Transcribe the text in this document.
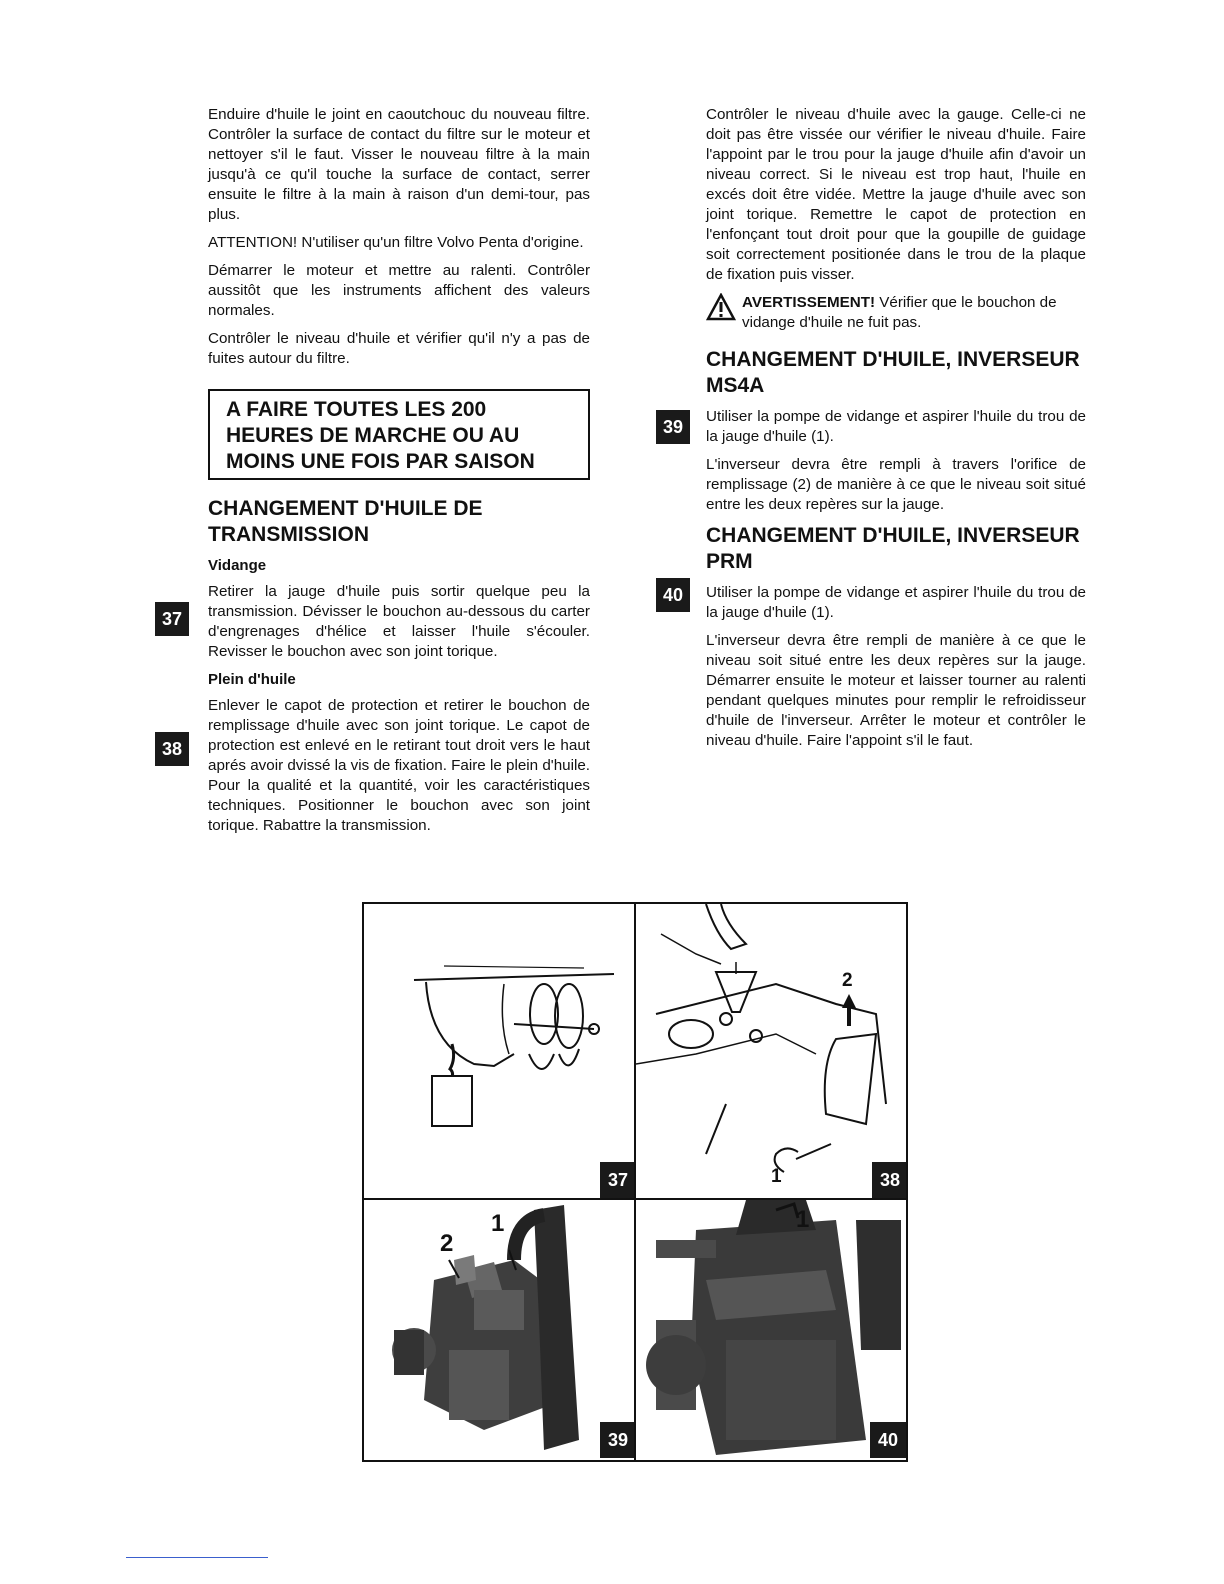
Enduire d'huile le joint en caoutchouc du nouveau filtre. Contrôler la surface de contact du filtre sur le moteur et nettoyer s'il le faut. Visser le nouveau filtre à la main jusqu'à ce qu'il touche la surface de contact, serrer ensuite le filtre à la main à raison d'un demi-tour, pas plus.

ATTENTION! N'utiliser qu'un filtre Volvo Penta d'origine.

Démarrer le moteur et mettre au ralenti. Contrôler aussitôt que les instruments affichent des valeurs normales.

Contrôler le niveau d'huile et vérifier qu'il n'y a pas de fuites autour du filtre.

A FAIRE TOUTES LES 200 HEURES DE MARCHE OU AU MOINS UNE FOIS PAR SAISON
CHANGEMENT D'HUILE DE TRANSMISSION
Vidange

Retirer la jauge d'huile puis sortir quelque peu la transmission. Dévisser le bouchon au-dessous du carter d'engrenages d'hélice et laisser l'huile s'écouler. Revisser le bouchon avec son joint torique.

Plein d'huile

Enlever le capot de protection et retirer le bouchon de remplissage d'huile avec son joint torique. Le capot de protection est enlevé en le retirant tout droit vers le haut aprés avoir dvissé la vis de fixation. Faire le plein d'huile. Pour la qualité et la quantité, voir les caractéristiques techniques. Positionner le bouchon avec son joint torique. Rabattre la transmission.

37
38

Contrôler le niveau d'huile avec la gauge. Celle-ci ne doit pas être vissée our vérifier le niveau d'huile. Faire l'appoint par le trou pour la jauge d'huile afin d'avoir un niveau correct. Si le niveau est trop haut, l'huile en excés doit être vidée. Mettre la jauge d'huile avec son joint torique. Remettre le capot de protection en l'enfonçant tout droit pour que la goupille de guidage soit correctement positionée dans le trou de la plaque de fixation puis visser.

AVERTISSEMENT! Vérifier que le bouchon de vidange d'huile ne fuit pas.
CHANGEMENT D'HUILE, INVERSEUR MS4A

Utiliser la pompe de vidange et aspirer l'huile du trou de la jauge d'huile (1).

L'inverseur devra être rempli à travers l'orifice de remplissage (2) de manière à ce que le niveau soit situé entre les deux repères sur la jauge.

CHANGEMENT D'HUILE, INVERSEUR PRM

Utiliser la pompe de vidange et aspirer l'huile du trou de la jauge d'huile (1).

L'inverseur devra être rempli de manière à ce que le niveau soit situé entre les deux repères sur la jauge. Démarrer ensuite le moteur et laisser tourner au ralenti pendant quelques minutes pour remplir le refroidisseur d'huile de l'inverseur. Arrêter le moteur et contrôler le niveau d'huile. Faire l'appoint s'il le faut.

39
40
37
2
1	38
1
2
39
1
40
